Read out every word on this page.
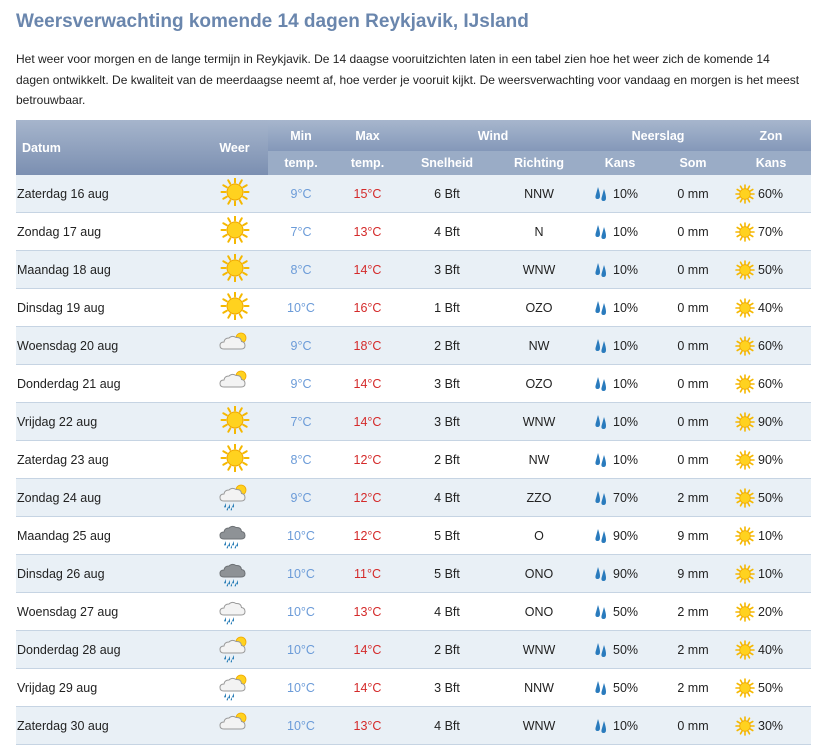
Weersverwachting komende 14 dagen Reykjavik, IJsland

Het weer voor morgen en de lange termijn in Reykjavik. De 14 daagse vooruitzichten laten in een tabel zien hoe het weer zich de komende 14 dagen ontwikkelt. De kwaliteit van de meerdaagse neemt af, hoe verder je vooruit kijkt. De weersverwachting voor vandaag en morgen is het meest betrouwbaar.

Datum	Weer	Min	Max	Wind		Neerslag		Zon
		temp.	temp.	Snelheid	Richting	Kans	Som	Kans
Zaterdag 16 aug		9°C	15°C	6 Bft	NNW	10%	0 mm	60%

Zondag 17 aug		7°C	13°C	4 Bft	N	10%	0 mm	70%

Maandag 18 aug		8°C	14°C	3 Bft	WNW	10%	0 mm	50%

Dinsdag 19 aug		10°C	16°C	1 Bft	OZO	10%	0 mm	40%

Woensdag 20 aug		9°C	18°C	2 Bft	NW	10%	0 mm	60%

Donderdag 21 aug		9°C	14°C	3 Bft	OZO	10%	0 mm	60%

Vrijdag 22 aug		7°C	14°C	3 Bft	WNW	10%	0 mm	90%

Zaterdag 23 aug		8°C	12°C	2 Bft	NW	10%	0 mm	90%

Zondag 24 aug		9°C	12°C	4 Bft	ZZO	70%	2 mm	50%

Maandag 25 aug		10°C	12°C	5 Bft	O	90%	9 mm	10%

Dinsdag 26 aug		10°C	11°C	5 Bft	ONO	90%	9 mm	10%

Woensdag 27 aug		10°C	13°C	4 Bft	ONO	50%	2 mm	20%

Donderdag 28 aug		10°C	14°C	2 Bft	WNW	50%	2 mm	40%

Vrijdag 29 aug		10°C	14°C	3 Bft	NNW	50%	2 mm	50%

Zaterdag 30 aug		10°C	13°C	4 Bft	WNW	10%	0 mm	30%
